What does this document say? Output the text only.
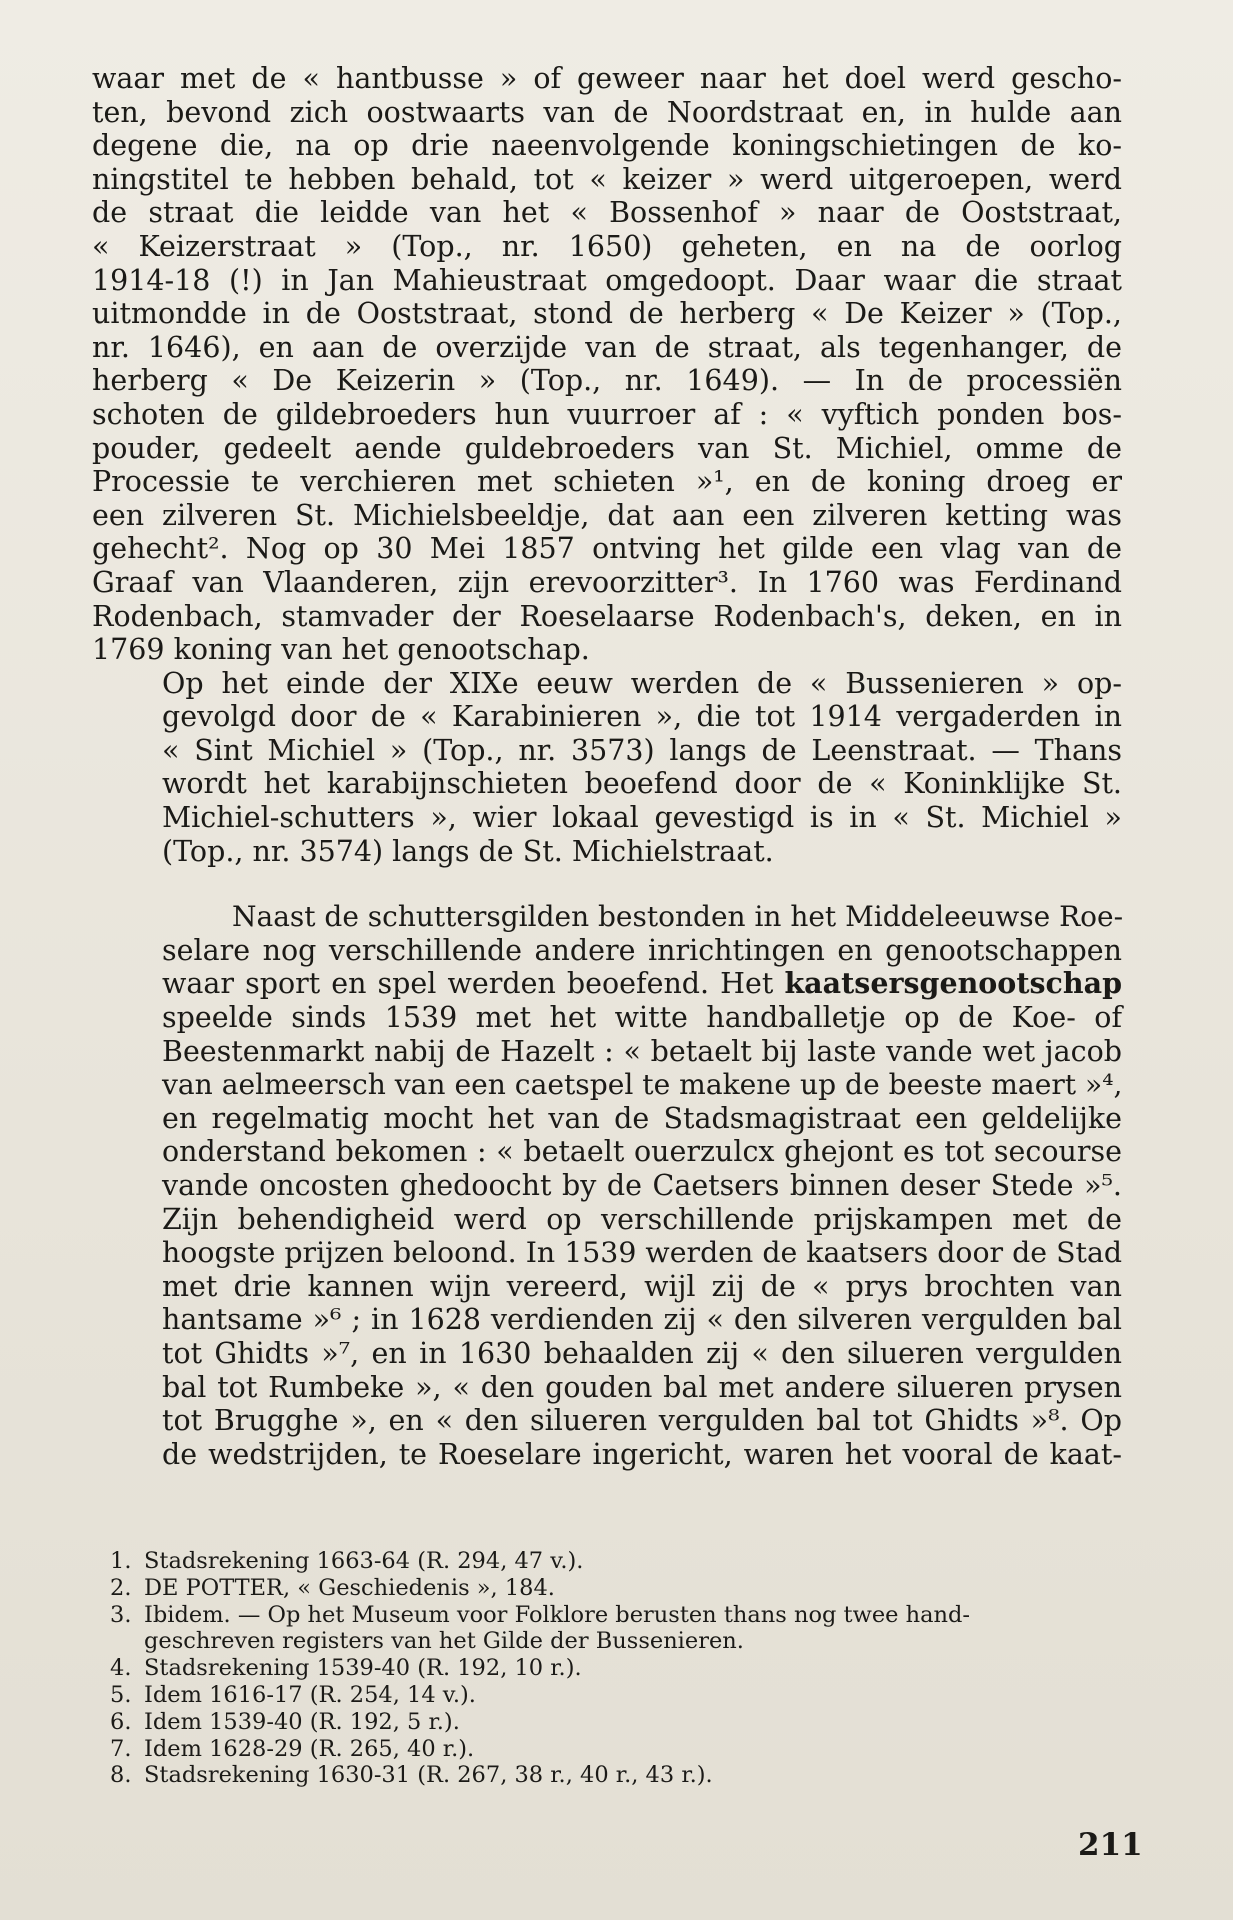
waar met de « hantbusse » of geweer naar het doel werd gescho-
ten, bevond zich oostwaarts van de Noordstraat en, in hulde aan
degene die, na op drie naeenvolgende koningschietingen de ko-
ningstitel te hebben behald, tot « keizer » werd uitgeroepen, werd
de straat die leidde van het « Bossenhof » naar de Ooststraat,
« Keizerstraat » (Top., nr. 1650) geheten, en na de oorlog
1914-18 (!) in Jan Mahieustraat omgedoopt. Daar waar die straat
uitmondde in de Ooststraat, stond de herberg « De Keizer » (Top.,
nr. 1646), en aan de overzijde van de straat, als tegenhanger, de
herberg « De Keizerin » (Top., nr. 1649). — In de processiën
schoten de gildebroeders hun vuurroer af : « vyftich ponden bos-
pouder, gedeelt aende guldebroeders van St. Michiel, omme de
Processie te verchieren met schieten »¹, en de koning droeg er
een zilveren St. Michielsbeeldje, dat aan een zilveren ketting was
gehecht². Nog op 30 Mei 1857 ontving het gilde een vlag van de
Graaf van Vlaanderen, zijn erevoorzitter³. In 1760 was Ferdinand
Rodenbach, stamvader der Roeselaarse Rodenbach's, deken, en in
1769 koning van het genootschap.

Op het einde der XIXe eeuw werden de « Bussenieren » op-
gevolgd door de « Karabinieren », die tot 1914 vergaderden in
« Sint Michiel » (Top., nr. 3573) langs de Leenstraat. — Thans
wordt het karabijnschieten beoefend door de « Koninklijke St.
Michiel-schutters », wier lokaal gevestigd is in « St. Michiel »
(Top., nr. 3574) langs de St. Michielstraat.

Naast de schuttersgilden bestonden in het Middeleeuwse Roe-
selare nog verschillende andere inrichtingen en genootschappen
waar sport en spel werden beoefend. Het kaatsersgenootschap
speelde sinds 1539 met het witte handballetje op de Koe- of
Beestenmarkt nabij de Hazelt : « betaelt bij laste vande wet jacob
van aelmeersch van een caetspel te makene up de beeste maert »⁴,
en regelmatig mocht het van de Stadsmagistraat een geldelijke
onderstand bekomen : « betaelt ouerzulcx ghejont es tot secourse
vande oncosten ghedoocht by de Caetsers binnen deser Stede »⁵.
Zijn behendigheid werd op verschillende prijskampen met de
hoogste prijzen beloond. In 1539 werden de kaatsers door de Stad
met drie kannen wijn vereerd, wijl zij de « prys brochten van
hantsame »⁶ ; in 1628 verdienden zij « den silveren vergulden bal
tot Ghidts »⁷, en in 1630 behaalden zij « den silueren vergulden
bal tot Rumbeke », « den gouden bal met andere silueren prysen
tot Brugghe », en « den silueren vergulden bal tot Ghidts »⁸. Op
de wedstrijden, te Roeselare ingericht, waren het vooral de kaat-

1. Stadsrekening 1663-64 (R. 294, 47 v.).
2. DE POTTER, « Geschiedenis », 184.
3. Ibidem. — Op het Museum voor Folklore berusten thans nog twee hand-
geschreven registers van het Gilde der Bussenieren.
4. Stadsrekening 1539-40 (R. 192, 10 r.).
5. Idem 1616-17 (R. 254, 14 v.).
6. Idem 1539-40 (R. 192, 5 r.).
7. Idem 1628-29 (R. 265, 40 r.).
8. Stadsrekening 1630-31 (R. 267, 38 r., 40 r., 43 r.).
211
